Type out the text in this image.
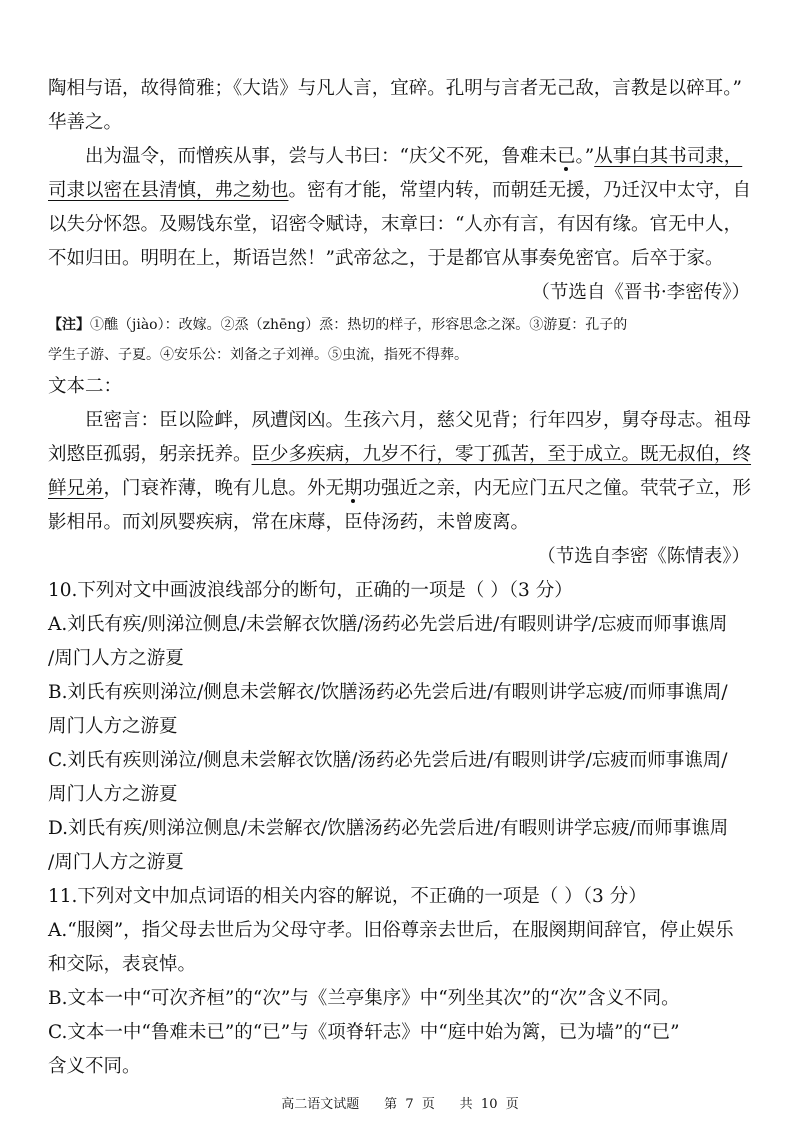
陶相与语，故得简雅；《大诰》与凡人言，宜碎。孔明与言者无己敌，言教是以碎耳。”

华善之。

出为温令，而憎疾从事，尝与人书曰：“庆父不死，鲁难未已。”从事白其书司隶，

司隶以密在县清慎，弗之劾也。密有才能，常望内转，而朝廷无援，乃迁汉中太守，自

以失分怀怨。及赐饯东堂，诏密令赋诗，末章曰：“人亦有言，有因有缘。官无中人，

不如归田。明明在上，斯语岂然！”武帝忿之，于是都官从事奏免密官。后卒于家。

（节选自《晋书·李密传》）

【注】①醮（jiào）：改嫁。②烝（zhēng）烝：热切的样子，形容思念之深。③游夏：孔子的
学生子游、子夏。④安乐公：刘备之子刘禅。⑤虫流，指死不得葬。

文本二：

臣密言：臣以险衅，夙遭闵凶。生孩六月，慈父见背；行年四岁，舅夺母志。祖母

刘愍臣孤弱，躬亲抚养。臣少多疾病，九岁不行，零丁孤苦，至于成立。既无叔伯，终

鲜兄弟，门衰祚薄，晚有儿息。外无期功强近之亲，内无应门五尺之僮。茕茕孑立，形

影相吊。而刘夙婴疾病，常在床蓐，臣侍汤药，未曾废离。

（节选自李密《陈情表》）

10.下列对文中画波浪线部分的断句，正确的一项是（ ）（3 分）

A.刘氏有疾/则涕泣侧息/未尝解衣饮膳/汤药必先尝后进/有暇则讲学/忘疲而师事谯周

/周门人方之游夏

B.刘氏有疾则涕泣/侧息未尝解衣/饮膳汤药必先尝后进/有暇则讲学忘疲/而师事谯周/

周门人方之游夏

C.刘氏有疾则涕泣/侧息未尝解衣饮膳/汤药必先尝后进/有暇则讲学/忘疲而师事谯周/

周门人方之游夏

D.刘氏有疾/则涕泣侧息/未尝解衣/饮膳汤药必先尝后进/有暇则讲学忘疲/而师事谯周

/周门人方之游夏

11.下列对文中加点词语的相关内容的解说，不正确的一项是（ ）（3 分）

A.“服阕”，指父母去世后为父母守孝。旧俗尊亲去世后，在服阕期间辞官，停止娱乐

和交际，表哀悼。

B.文本一中“可次齐桓”的“次”与《兰亭集序》中“列坐其次”的“次”含义不同。

C.文本一中“鲁难未已”的“已”与《项脊轩志》中“庭中始为篱，已为墙”的“已”

含义不同。

高二语文试题 第  7  页 共  10  页
